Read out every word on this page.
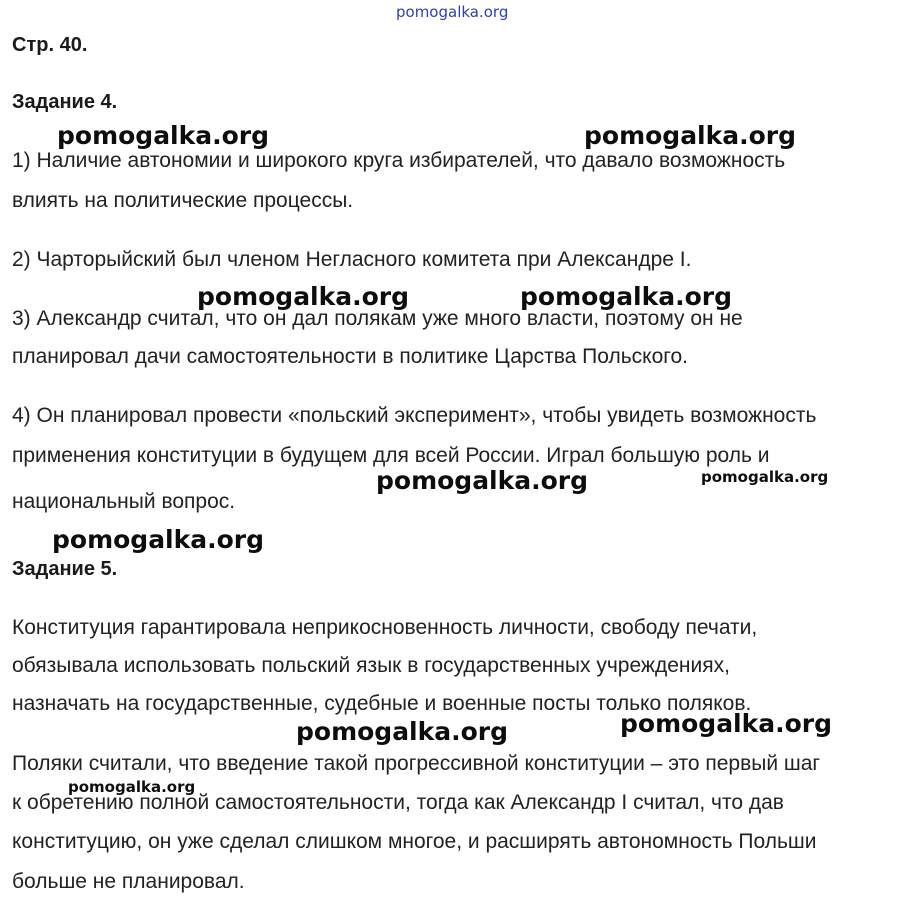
pomogalka.org
Стр. 40.
Задание 4.
1) Наличие автономии и широкого круга избирателей, что давало возможность
влиять на политические процессы.
2) Чарторыйский был членом Негласного комитета при Александре I.
3) Александр считал, что он дал полякам уже много власти, поэтому он не
планировал дачи самостоятельности в политике Царства Польского.
4) Он планировал провести «польский эксперимент», чтобы увидеть возможность
применения конституции в будущем для всей России. Играл большую роль и
национальный вопрос.
Задание 5.
Конституция гарантировала неприкосновенность личности, свободу печати,
обязывала использовать польский язык в государственных учреждениях,
назначать на государственные, судебные и военные посты только поляков.
Поляки считали, что введение такой прогрессивной конституции – это первый шаг
к обретению полной самостоятельности, тогда как Александр I считал, что дав
конституцию, он уже сделал слишком многое, и расширять автономность Польши
больше не планировал.
pomogalka.org	pomogalka.org
pomogalka.org	pomogalka.org
pomogalka.org	pomogalka.org
pomogalka.org
pomogalka.org
pomogalka.org
pomogalka.org
